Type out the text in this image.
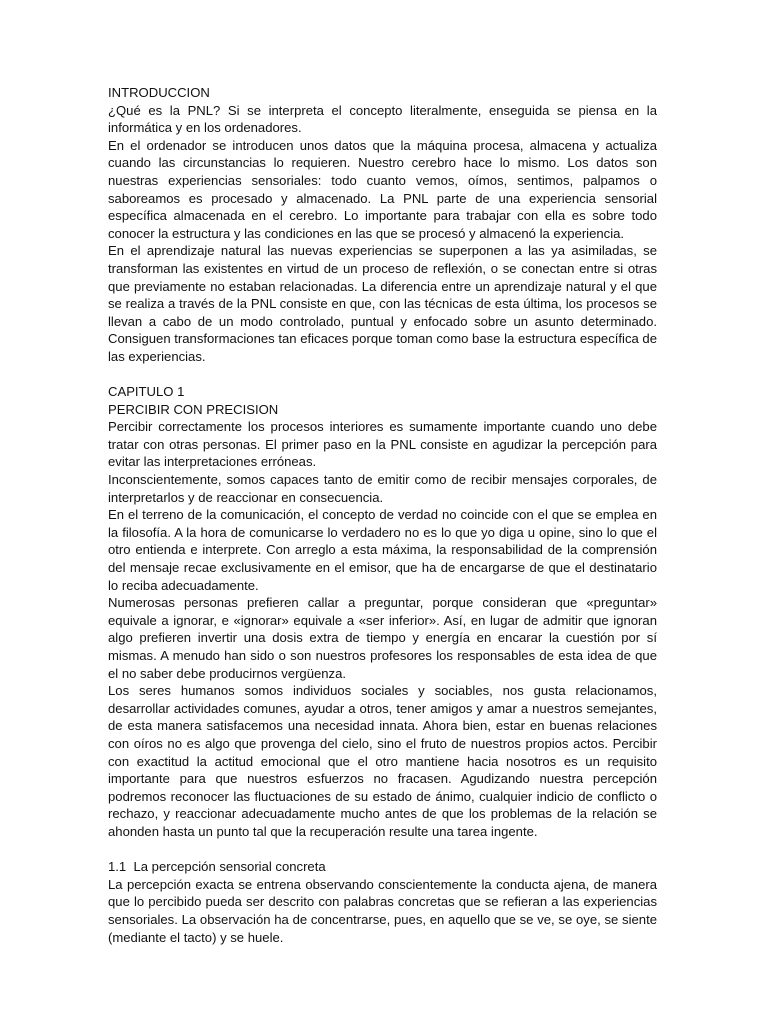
INTRODUCCION

¿Qué es la PNL? Si se interpreta el concepto literalmente, enseguida se piensa en la informática y en los ordenadores.

En el ordenador se introducen unos datos que la máquina procesa, almacena y actualiza cuando las circunstancias lo requieren. Nuestro cerebro hace lo mismo. Los datos son nuestras experiencias sensoriales: todo cuanto vemos, oímos, sentimos, palpamos o saboreamos es procesado y almacenado. La PNL parte de una experiencia sensorial específica almacenada en el cerebro. Lo importante para trabajar con ella es sobre todo conocer la estructura y las condiciones en las que se procesó y almacenó la experiencia.

En el aprendizaje natural las nuevas experiencias se superponen a las ya asimiladas, se transforman las existentes en virtud de un proceso de reflexión, o se conectan entre si otras que previamente no estaban relacionadas. La diferencia entre un aprendizaje natural y el que se realiza a través de la PNL consiste en que, con las técnicas de esta última, los procesos se llevan a cabo de un modo controlado, puntual y enfocado sobre un asunto determinado. Consiguen transformaciones tan eficaces porque toman como base la estructura específica de las experiencias.

CAPITULO 1

PERCIBIR CON PRECISION

Percibir correctamente los procesos interiores es sumamente importante cuando uno debe tratar con otras personas. El primer paso en la PNL consiste en agudizar la percepción para evitar las interpretaciones erróneas.

Inconscientemente, somos capaces tanto de emitir como de recibir mensajes corporales, de interpretarlos y de reaccionar en consecuencia.

En el terreno de la comunicación, el concepto de verdad no coincide con el que se emplea en la filosofía. A la hora de comunicarse lo verdadero no es lo que yo diga u opine, sino lo que el otro entienda e interprete. Con arreglo a esta máxima, la responsabilidad de la comprensión del mensaje recae exclusivamente en el emisor, que ha de encargarse de que el destinatario lo reciba adecuadamente.

Numerosas personas prefieren callar a preguntar, porque consideran que «preguntar» equivale a ignorar, e «ignorar» equivale a «ser inferior». Así, en lugar de admitir que ignoran algo prefieren invertir una dosis extra de tiempo y energía en encarar la cuestión por sí mismas. A menudo han sido o son nuestros profesores los responsables de esta idea de que el no saber debe producirnos vergüenza.

Los seres humanos somos individuos sociales y sociables, nos gusta relacionamos, desarrollar actividades comunes, ayudar a otros, tener amigos y amar a nuestros semejantes, de esta manera satisfacemos una necesidad innata. Ahora bien, estar en buenas relaciones con oíros no es algo que provenga del cielo, sino el fruto de nuestros propios actos. Percibir con exactitud la actitud emocional que el otro mantiene hacia nosotros es un requisito importante para que nuestros esfuerzos no fracasen. Agudizando nuestra percepción podremos reconocer las fluctuaciones de su estado de ánimo, cualquier indicio de conflicto o rechazo, y reaccionar adecuadamente mucho antes de que los problemas de la relación se ahonden hasta un punto tal que la recuperación resulte una tarea ingente.

1.1  La percepción sensorial concreta

La percepción exacta se entrena observando conscientemente la conducta ajena, de manera que lo percibido pueda ser descrito con palabras concretas que se refieran a las experiencias sensoriales. La observación ha de concentrarse, pues, en aquello que se ve, se oye, se siente (mediante el tacto) y se huele.
